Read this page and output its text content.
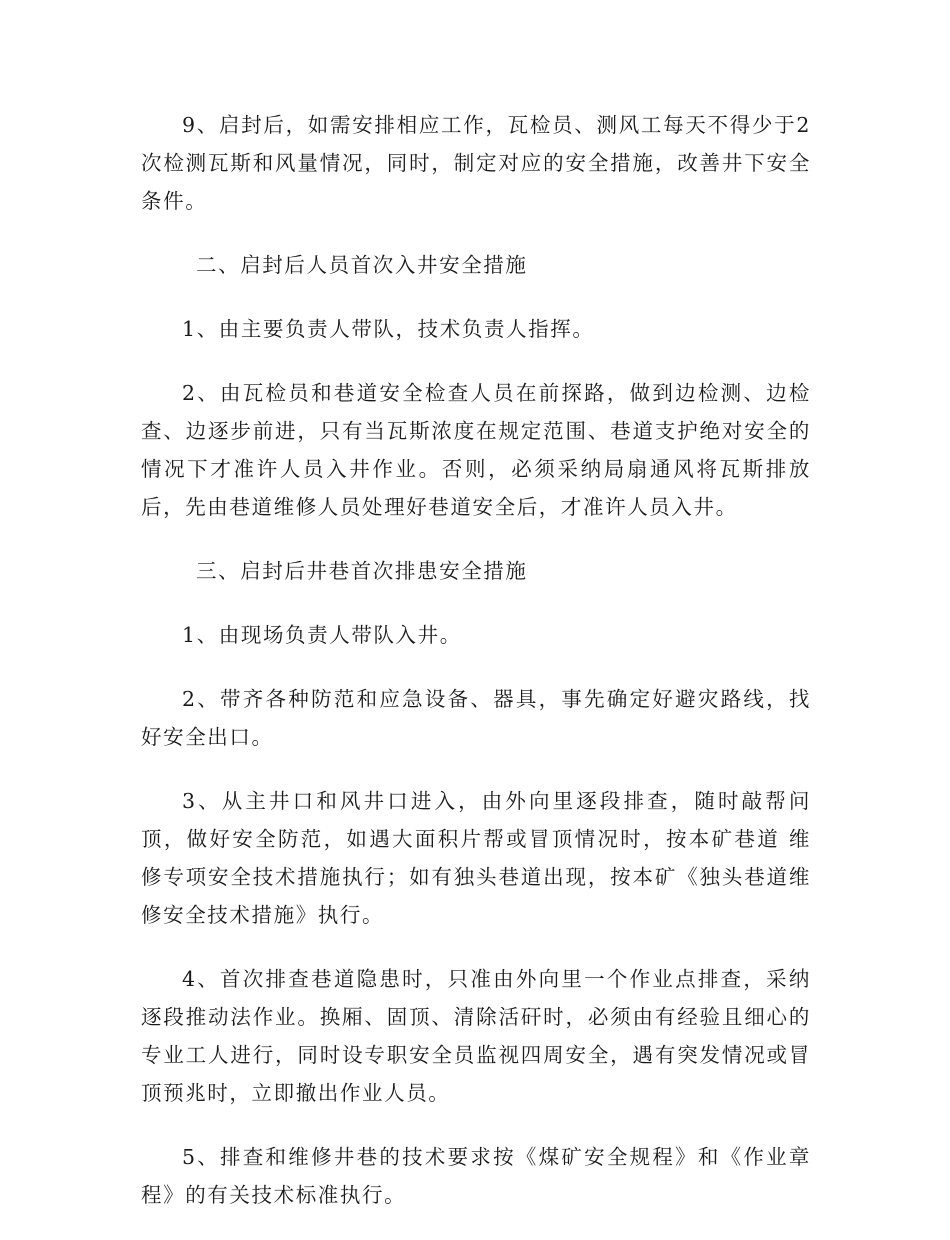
9、启封后，如需安排相应工作，瓦检员、测风工每天不得少于2次检测瓦斯和风量情况，同时，制定对应的安全措施，改善井下安全条件。

二、启封后人员首次入井安全措施

1、由主要负责人带队，技术负责人指挥。

2、由瓦检员和巷道安全检查人员在前探路，做到边检测、边检查、边逐步前进，只有当瓦斯浓度在规定范围、巷道支护绝对安全的情况下才准许人员入井作业。否则，必须采纳局扇通风将瓦斯排放后，先由巷道维修人员处理好巷道安全后，才准许人员入井。

三、启封后井巷首次排患安全措施

1、由现场负责人带队入井。

2、带齐各种防范和应急设备、器具，事先确定好避灾路线，找好安全出口。

3、从主井口和风井口进入，由外向里逐段排查，随时敲帮问顶，做好安全防范，如遇大面积片帮或冒顶情况时，按本矿巷道 维修专项安全技术措施执行；如有独头巷道出现，按本矿《独头巷道维修安全技术措施》执行。

4、首次排查巷道隐患时，只准由外向里一个作业点排查，采纳逐段推动法作业。换厢、固顶、清除活矸时，必须由有经验且细心的专业工人进行，同时设专职安全员监视四周安全，遇有突发情况或冒顶预兆时，立即撤出作业人员。

5、排查和维修井巷的技术要求按《煤矿安全规程》和《作业章程》的有关技术标准执行。
